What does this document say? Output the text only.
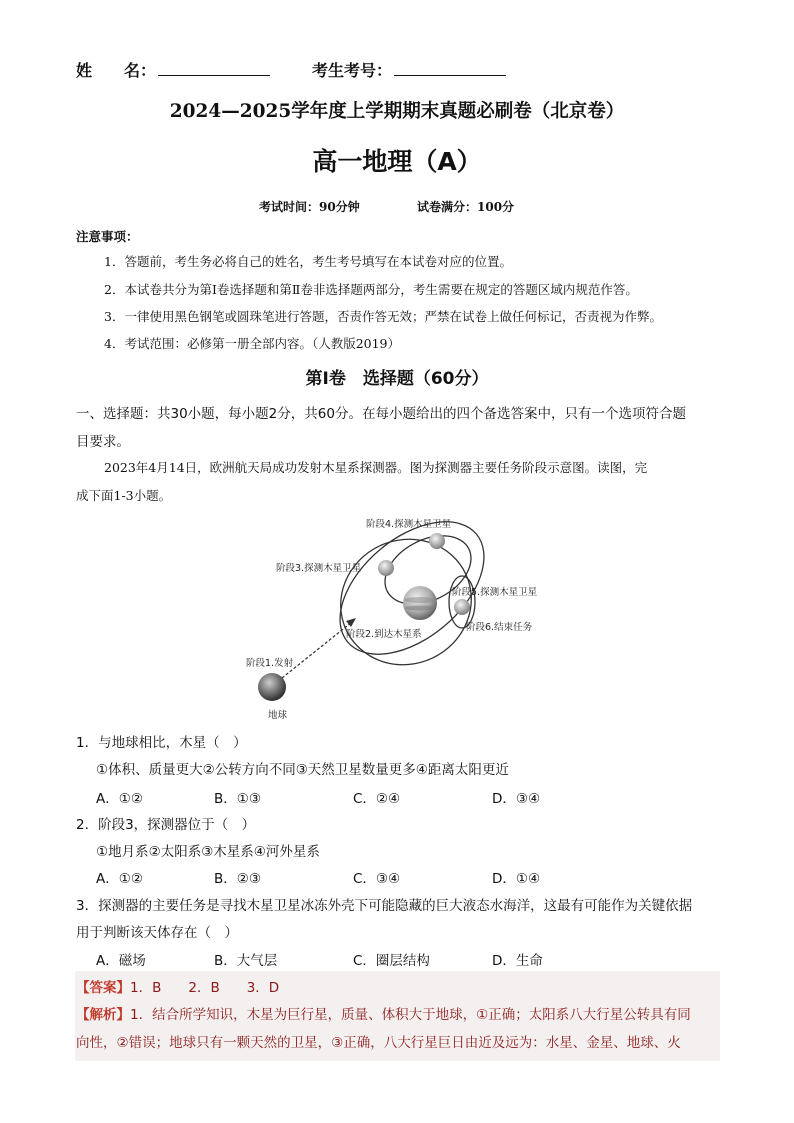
姓　　名：	考生考号：
2024—2025学年度上学期期末真题必刷卷（北京卷）
高一地理（A）
考试时间：90分钟	试卷满分：100分
注意事项：
1．答题前，考生务必将自己的姓名，考生考号填写在本试卷对应的位置。
2．本试卷共分为第Ⅰ卷选择题和第Ⅱ卷非选择题两部分，考生需要在规定的答题区域内规范作答。
3．一律使用黑色钢笔或圆珠笔进行答题，否责作答无效；严禁在试卷上做任何标记，否责视为作弊。
4．考试范围：必修第一册全部内容。（人教版2019）
第Ⅰ卷　选择题（60分）
一、选择题：共30小题，每小题2分，共60分。在每小题给出的四个备选答案中，只有一个选项符合题
目要求。
2023年4月14日，欧洲航天局成功发射木星系探测器。图为探测器主要任务阶段示意图。读图，完
成下面1-3小题。
阶段4.探测木星卫星
阶段3.探测木星卫星
阶段5.探测木星卫星
阶段6.结束任务
阶段2.到达木星系
阶段1.发射
地球
1．与地球相比，木星（　）
①体积、质量更大②公转方向不同③天然卫星数量更多④距离太阳更近
A．①②	B．①③	C．②④	D．③④
2．阶段3，探测器位于（　）
①地月系②太阳系③木星系④河外星系
A．①②	B．②③	C．③④	D．①④
3．探测器的主要任务是寻找木星卫星冰冻外壳下可能隐藏的巨大液态水海洋，这最有可能作为关键依据
用于判断该天体存在（　）
A．磁场	B．大气层	C．圈层结构	D．生命
【答案】1．B　　2．B　　3．D
【解析】1．结合所学知识，木星为巨行星，质量、体积大于地球，①正确；太阳系八大行星公转具有同
向性，②错误；地球只有一颗天然的卫星，③正确，八大行星巨日由近及远为：水星、金星、地球、火
